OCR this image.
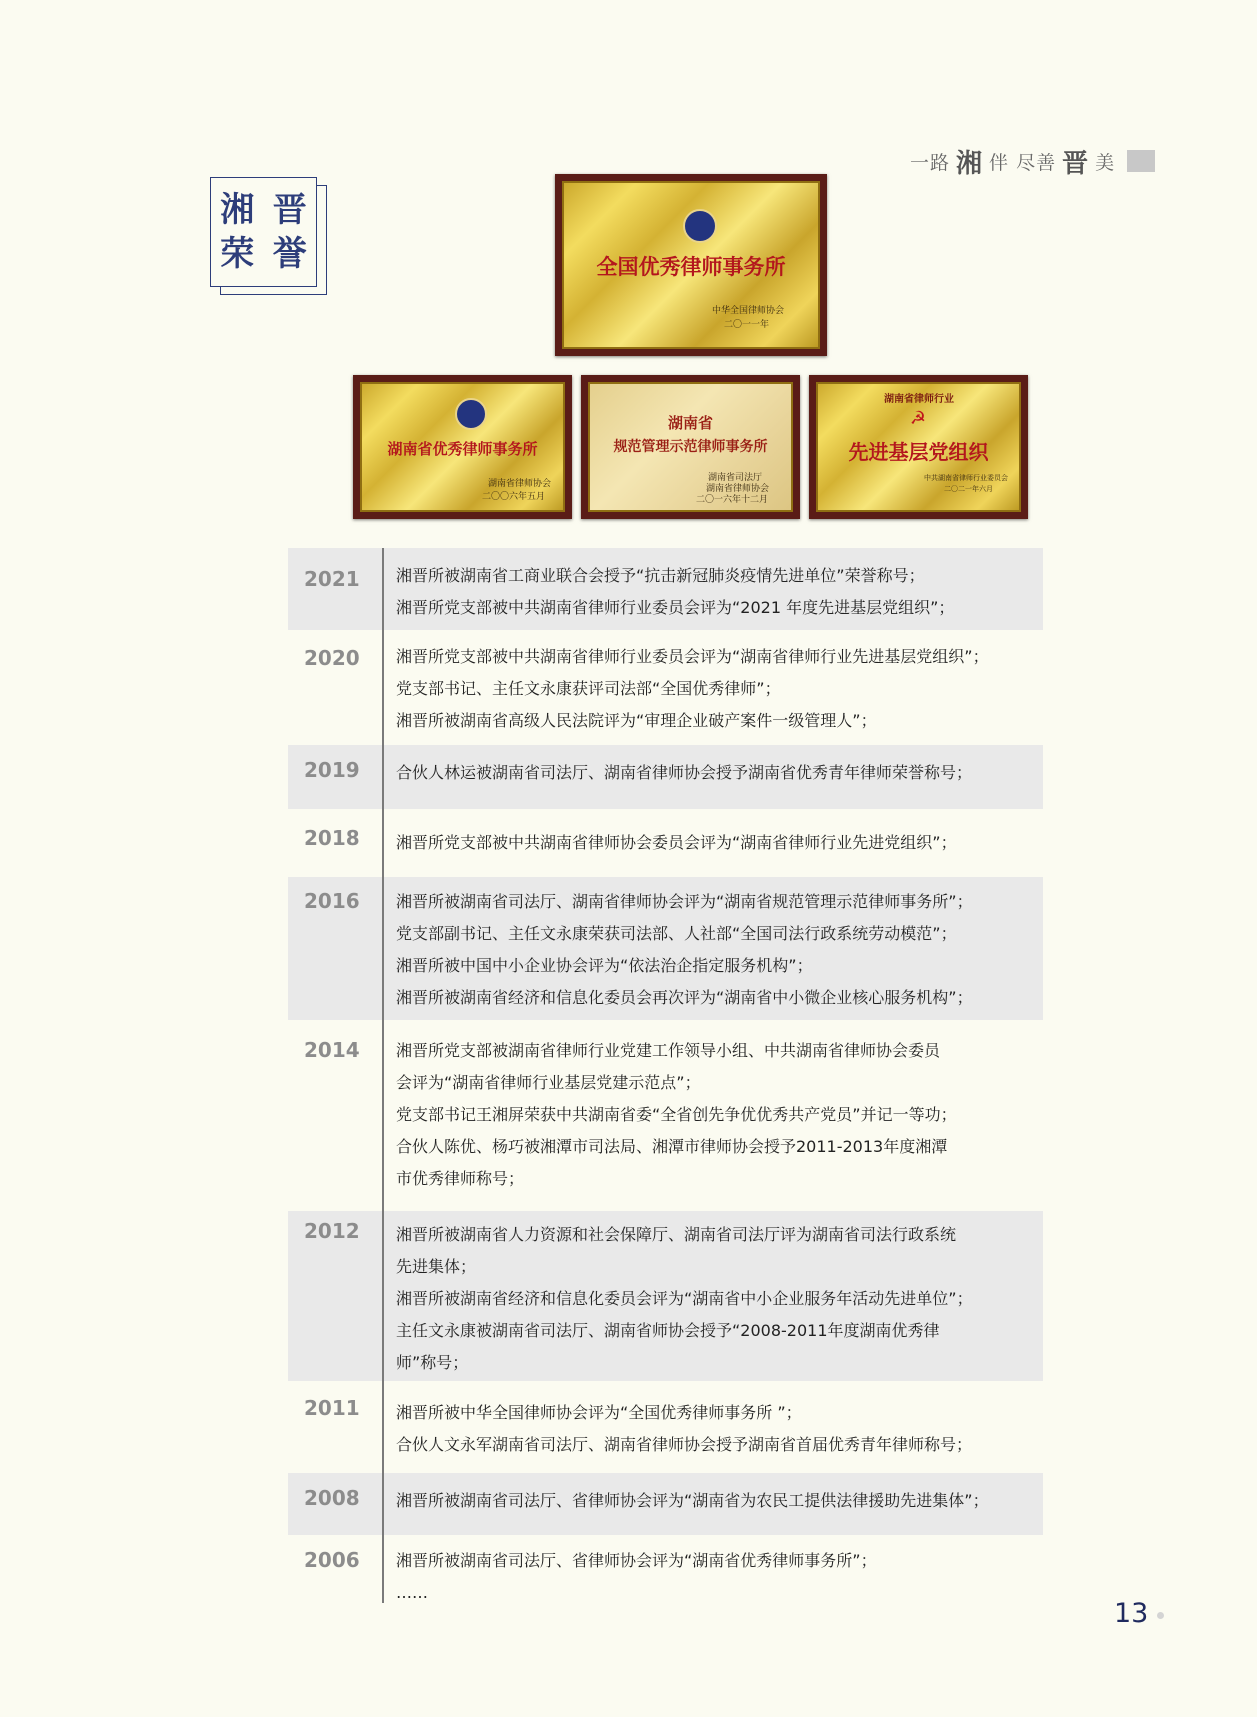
一路 湘 伴 尽善 晋 美
湘 晋
荣 誉	全国优秀律师事务所
中华全国律师协会
二〇一一年
湖南省优秀律师事务所
湖南省律师协会
二〇〇六年五月
湖南省
规范管理示范律师事务所
湖南省司法厅
湖南省律师协会
二〇一六年十二月
湖南省律师行业
☭
先进基层党组织
中共湖南省律师行业委员会
二〇二一年六月
2021 湘晋所被湖南省工商业联合会授予“抗击新冠肺炎疫情先进单位”荣誉称号；
湘晋所党支部被中共湖南省律师行业委员会评为“2021 年度先进基层党组织”；
2020 湘晋所党支部被中共湖南省律师行业委员会评为“湖南省律师行业先进基层党组织”；
党支部书记、主任文永康获评司法部“全国优秀律师”；
湘晋所被湖南省高级人民法院评为“审理企业破产案件一级管理人”；
2019 合伙人林运被湖南省司法厅、湖南省律师协会授予湖南省优秀青年律师荣誉称号；
2018 湘晋所党支部被中共湖南省律师协会委员会评为“湖南省律师行业先进党组织”；
2016 湘晋所被湖南省司法厅、湖南省律师协会评为“湖南省规范管理示范律师事务所”；
党支部副书记、主任文永康荣获司法部、人社部“全国司法行政系统劳动模范”；
湘晋所被中国中小企业协会评为“依法治企指定服务机构”；
湘晋所被湖南省经济和信息化委员会再次评为“湖南省中小微企业核心服务机构”；
2014 湘晋所党支部被湖南省律师行业党建工作领导小组、中共湖南省律师协会委员
会评为“湖南省律师行业基层党建示范点”；
党支部书记王湘屏荣获中共湖南省委“全省创先争优优秀共产党员”并记一等功；
合伙人陈优、杨巧被湘潭市司法局、湘潭市律师协会授予2011-2013年度湘潭
市优秀律师称号；
2012 湘晋所被湖南省人力资源和社会保障厅、湖南省司法厅评为湖南省司法行政系统
先进集体；
湘晋所被湖南省经济和信息化委员会评为“湖南省中小企业服务年活动先进单位”；
主任文永康被湖南省司法厅、湖南省师协会授予“2008-2011年度湖南优秀律
师”称号；
2011 湘晋所被中华全国律师协会评为“全国优秀律师事务所 ”；
合伙人文永军湖南省司法厅、湖南省律师协会授予湖南省首届优秀青年律师称号；
2008 湘晋所被湖南省司法厅、省律师协会评为“湖南省为农民工提供法律援助先进集体”；
2006 湘晋所被湖南省司法厅、省律师协会评为“湖南省优秀律师事务所”；
……
13
